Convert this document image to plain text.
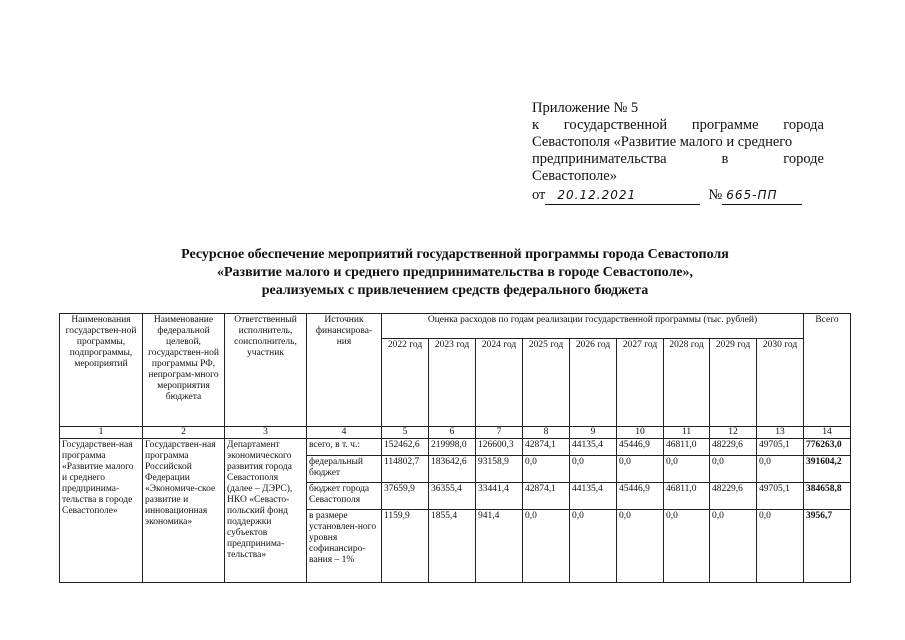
Приложение № 5
к государственной программе города
Севастополя «Развитие малого и среднего
предпринимательства	в	городе
Севастополе»
от	20.12.2021	№ 665-ПП
Ресурсное обеспечение мероприятий государственной программы города Севастополя
«Развитие малого и среднего предпринимательства в городе Севастополе»,
реализуемых с привлечением средств федерального бюджета
Наименования государствен-ной программы, подпрограммы, мероприятий	Наименование федеральной целевой, государствен-ной программы РФ, непрограм-много мероприятия бюджета	Ответственный исполнитель, соисполнитель, участник	Источник финансирова-ния	Оценка расходов по годам реализации государственной программы (тыс. рублей)									Всего
				2022 год	2023 год	2024 год	2025 год	2026 год	2027 год	2028 год	2029 год	2030 год	
1	2	3	4	5	6	7	8	9	10	11	12	13	14
Государствен-ная программа «Развитие малого и среднего предпринима-тельства в городе Севастополе»	Государствен-ная программа Российской Федерации «Экономиче-ское развитие и инновационная экономика»	Департамент экономического развития города Севастополя (далее – ДЭРС), НКО «Севасто-польский фонд поддержки субъектов предпринима-тельства»	всего, в т. ч.:	152462,6	219998,0	126600,3	42874,1	44135,4	45446,9	46811,0	48229,6	49705,1	776263,0
			федеральный бюджет	114802,7	183642,6	93158,9	0,0	0,0	0,0	0,0	0,0	0,0	391604,2
			бюджет города Севастополя	37659,9	36355,4	33441,4	42874,1	44135,4	45446,9	46811,0	48229,6	49705,1	384658,8
			в размере установлен-ного уровня софинансиро-вания – 1%	1159,9	1855,4	941,4	0,0	0,0	0,0	0,0	0,0	0,0	3956,7
